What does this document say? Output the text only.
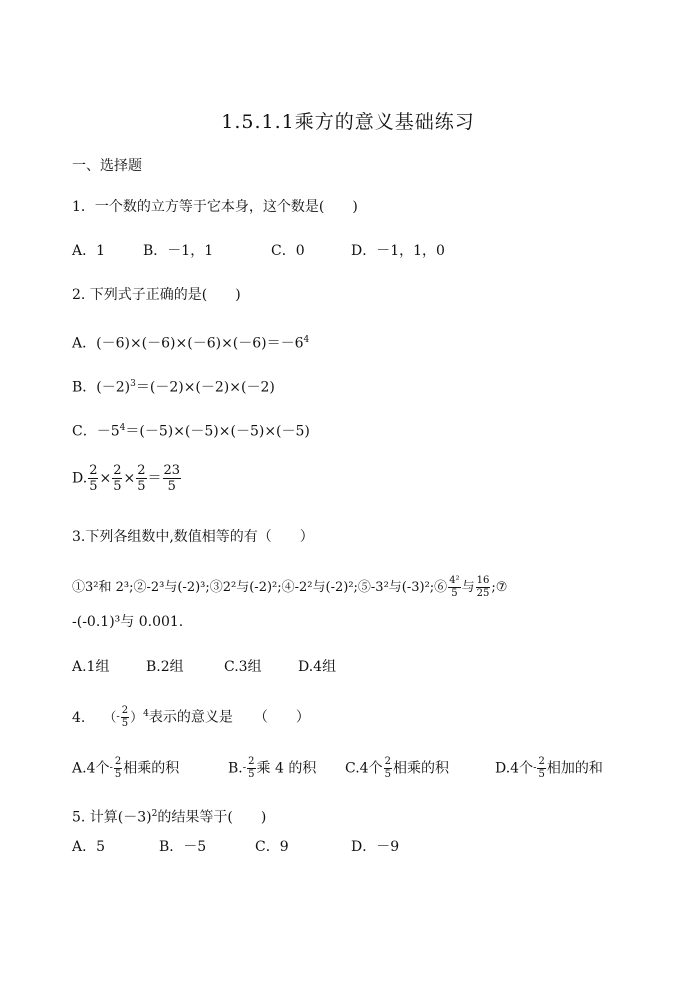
1.5.1.1乘方的意义基础练习
一、选择题
1．一个数的立方等于它本身，这个数是(　　)
A．1	B．－1，1	C．0	D．－1，1，0
2. 下列式子正确的是(　　)
A．$(-6)\times(-6)\times(-6)\times(-6)=-6^4$
B．$(-2)^3=(-2)\times(-2)\times(-2)$
C．$-5^4=(-5)\times(-5)\times(-5)\times(-5)$
D. $\frac{2}{5} \times \frac{2}{5} \times \frac{2}{5} = \frac{23}{5}$
3.下列各组数中,数值相等的有（　　）
①3²和 2³;②-2³与(-2)³;③2²与(-2)²;④-2²与(-2)²;⑤-3²与(-3)²;⑥ $\frac{\text{4²}}{5}$ 与 $\frac{16}{25}$ ;⑦
-(-0.1)³与 0.001.
A.1组	B.2组	C.3组	D.4组
4. （- $\frac{2}{5} )^4$表示的意义是　　（　　）
A.4个- $\frac{2}{5}$ 相乘的积	$B.- \frac{2}{5}$ 乘 4 的积 C.4个 $\frac{2}{5}$ 相乘的积	D.4个- $\frac{2}{5}$ 相加的和
5. 计算$(-3)^2$的结果等于(　　)
A．5	B．－5	C．9	D．－9
